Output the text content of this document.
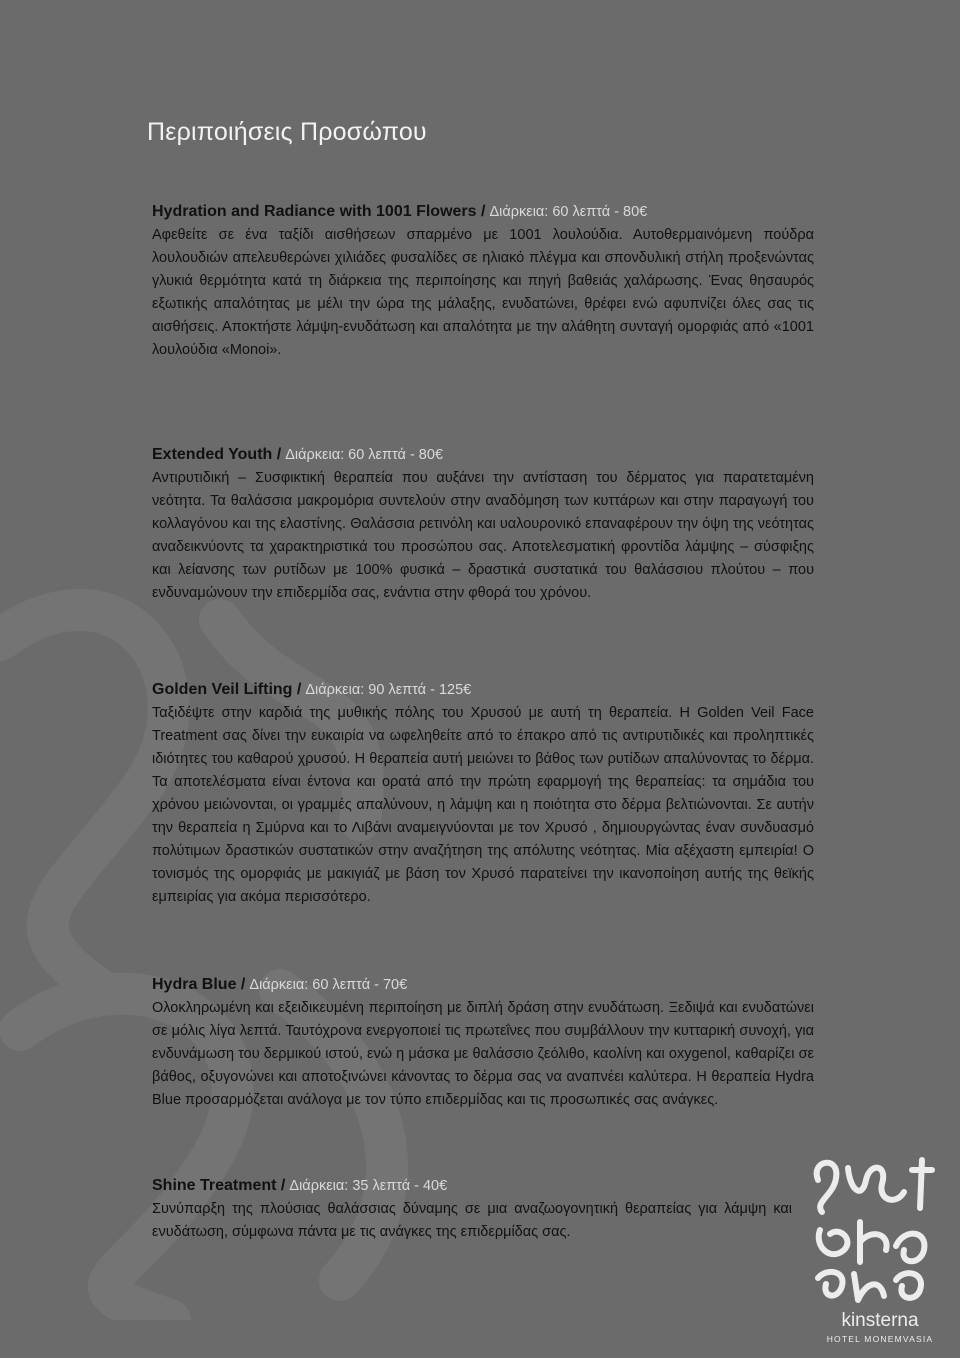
Περιποιήσεις Προσώπου
Hydration and Radiance with 1001 Flowers / Διάρκεια: 60 λεπτά - 80€

Αφεθείτε σε ένα ταξίδι αισθήσεων σπαρμένο με 1001 λουλούδια. Αυτοθερμαινόμενη πούδρα λουλουδιών απελευθερώνει χιλιάδες φυσαλίδες σε ηλιακό πλέγμα και σπονδυλική στήλη προξενώντας γλυκιά θερμότητα κατά τη διάρκεια της περιποίησης και πηγή βαθειάς χαλάρωσης. Ένας θησαυρός εξωτικής απαλότητας με μέλι την ώρα της μάλαξης, ενυδατώνει, θρέφει ενώ αφυπνίζει όλες σας τις αισθήσεις. Αποκτήστε λάμψη-ενυδάτωση και απαλότητα με την αλάθητη συνταγή ομορφιάς από «1001 λουλούδια «Monoi».

Extended Youth / Διάρκεια: 60 λεπτά - 80€

Αντιρυτιδική – Συσφικτική θεραπεία που αυξάνει την αντίσταση του δέρματος για παρατεταμένη νεότητα. Τα θαλάσσια μακρομόρια συντελούν στην αναδόμηση των κυττάρων και στην παραγωγή του κολλαγόνου και της ελαστίνης. Θαλάσσια ρετινόλη και υαλουρονικό επαναφέρουν την όψη της νεότητας αναδεικνύοντς τα χαρακτηριστικά του προσώπου σας. Αποτελεσματική φροντίδα λάμψης – σύσφιξης και λείανσης των ρυτίδων με 100% φυσικά – δραστικά συστατικά του θαλάσσιου πλούτου – που ενδυναμώνουν την επιδερμίδα σας, ενάντια στην φθορά του χρόνου.

Golden Veil Lifting / Διάρκεια: 90 λεπτά - 125€

Ταξιδέψτε στην καρδιά της μυθικής πόλης του Χρυσού με αυτή τη θεραπεία. H Golden Veil Face Treatment σας δίνει την ευκαιρία να ωφεληθείτε από το έπακρο από τις αντιρυτιδικές και προληπτικές ιδιότητες του καθαρού χρυσού. Η θεραπεία αυτή μειώνει το βάθος των ρυτίδων απαλύνοντας το δέρμα. Τα αποτελέσματα είναι έντονα και ορατά από την πρώτη εφαρμογή της θεραπείας: τα σημάδια του χρόνου μειώνονται, οι γραμμές απαλύνουν, η λάμψη και η ποιότητα στο δέρμα βελτιώνονται. Σε αυτήν την θεραπεία η Σμύρνα και το Λιβάνι αναμειγνύονται με τον Χρυσό , δημιουργώντας έναν συνδυασμό πολύτιμων δραστικών συστατικών στην αναζήτηση της απόλυτης νεότητας. Μία αξέχαστη εμπειρία! Ο τονισμός της ομορφιάς με μακιγιάζ με βάση τον Χρυσό παρατείνει την ικανοποίηση αυτής της θεϊκής εμπειρίας για ακόμα περισσότερο.

Hydra Blue / Διάρκεια: 60 λεπτά - 70€

Ολοκληρωμένη και εξειδικευμένη περιποίηση με διπλή δράση στην ενυδάτωση. Ξεδιψά και ενυδατώνει σε μόλις λίγα λεπτά. Ταυτόχρονα ενεργοποιεί τις πρωτεΐνες που συμβάλλουν την κυτταρική συνοχή, για ενδυνάμωση του δερμικού ιστού, ενώ η μάσκα με θαλάσσιο ζεόλιθο, καολίνη και oxygenol, καθαρίζει σε βάθος, οξυγονώνει και αποτοξινώνει κάνοντας το δέρμα σας να αναπνέει καλύτερα. Η θεραπεία Hydra Blue προσαρμόζεται ανάλογα με τον τύπο επιδερμίδας και τις προσωπικές σας ανάγκες.

Shine Treatment / Διάρκεια: 35 λεπτά - 40€

Συνύπαρξη της πλούσιας θαλάσσιας δύναμης σε μια αναζωογονητική θεραπείας για λάμψη και ενυδάτωση, σύμφωνα πάντα με τις ανάγκες της επιδερμίδας σας.

kinsterna
HOTEL MONEMVASIA
